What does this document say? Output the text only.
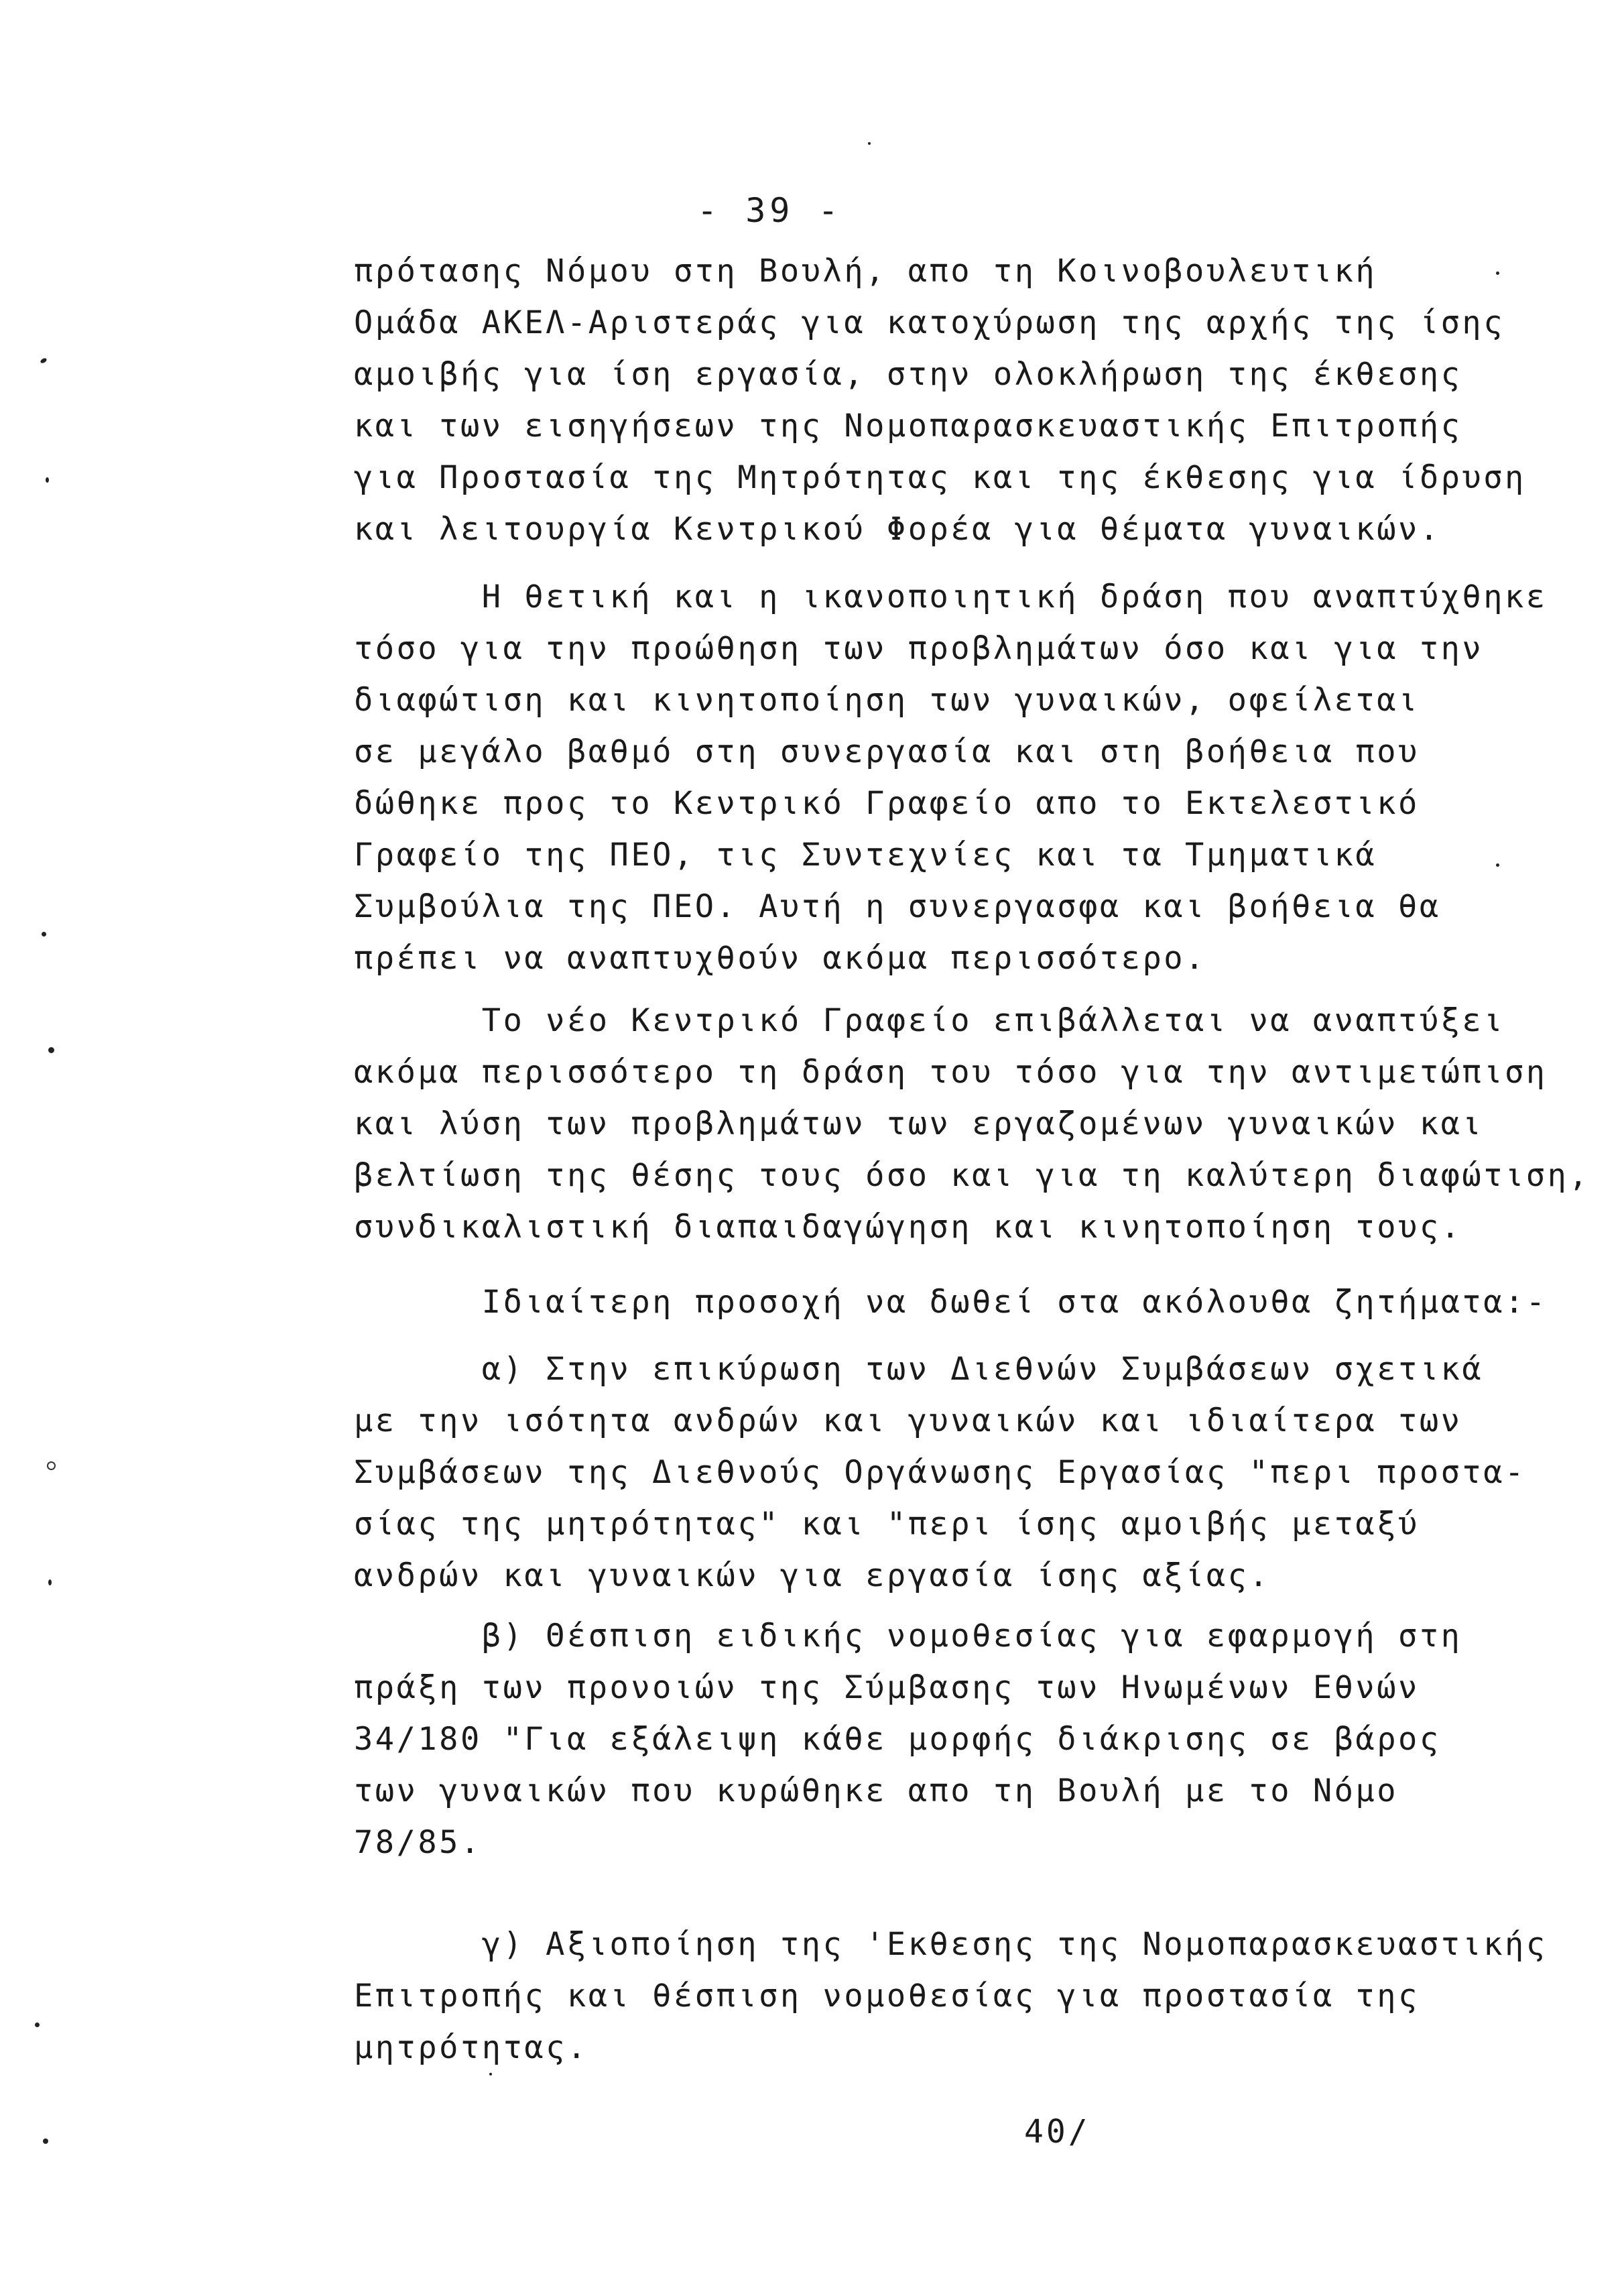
- 39 -
πρότασης Νόμου στη Βουλή, απο τη Κοινοβουλευτική
Ομάδα ΑΚΕΛ-Αριστεράς για κατοχύρωση της αρχής της ίσης
αμοιβής για ίση εργασία, στην ολοκλήρωση της έκθεσης
και των εισηγήσεων της Νομοπαρασκευαστικής Επιτροπής
για Προστασία της Μητρότητας και της έκθεσης για ίδρυση
και λειτουργία Κεντρικού Φορέα για θέματα γυναικών.
Η θετική και η ικανοποιητική δράση που αναπτύχθηκε
τόσο για την προώθηση των προβλημάτων όσο και για την
διαφώτιση και κινητοποίηση των γυναικών, οφείλεται
σε μεγάλο βαθμό στη συνεργασία και στη βοήθεια που
δώθηκε προς το Κεντρικό Γραφείο απο το Εκτελεστικό
Γραφείο της ΠΕΟ, τις Συντεχνίες και τα Τμηματικά
Συμβούλια της ΠΕΟ. Αυτή η συνεργασφα και βοήθεια θα
πρέπει να αναπτυχθούν ακόμα περισσότερο.
Το νέο Κεντρικό Γραφείο επιβάλλεται να αναπτύξει
ακόμα περισσότερο τη δράση του τόσο για την αντιμετώπιση
και λύση των προβλημάτων των εργαζομένων γυναικών και
βελτίωση της θέσης τους όσο και για τη καλύτερη διαφώτιση,
συνδικαλιστική διαπαιδαγώγηση και κινητοποίηση τους.
Ιδιαίτερη προσοχή να δωθεί στα ακόλουθα ζητήματα:-
α) Στην επικύρωση των Διεθνών Συμβάσεων σχετικά
με την ισότητα ανδρών και γυναικών και ιδιαίτερα των
Συμβάσεων της Διεθνούς Οργάνωσης Εργασίας "περι προστα-
σίας της μητρότητας" και "περι ίσης αμοιβής μεταξύ
ανδρών και γυναικών για εργασία ίσης αξίας.
β) Θέσπιση ειδικής νομοθεσίας για εφαρμογή στη
πράξη των προνοιών της Σύμβασης των Ηνωμένων Εθνών
34/180 "Για εξάλειψη κάθε μορφής διάκρισης σε βάρος
των γυναικών που κυρώθηκε απο τη Βουλή με το Νόμο
78/85.
γ) Αξιοποίηση της 'Εκθεσης της Νομοπαρασκευαστικής
Επιτροπής και θέσπιση νομοθεσίας για προστασία της
μητρότητας.
40/
